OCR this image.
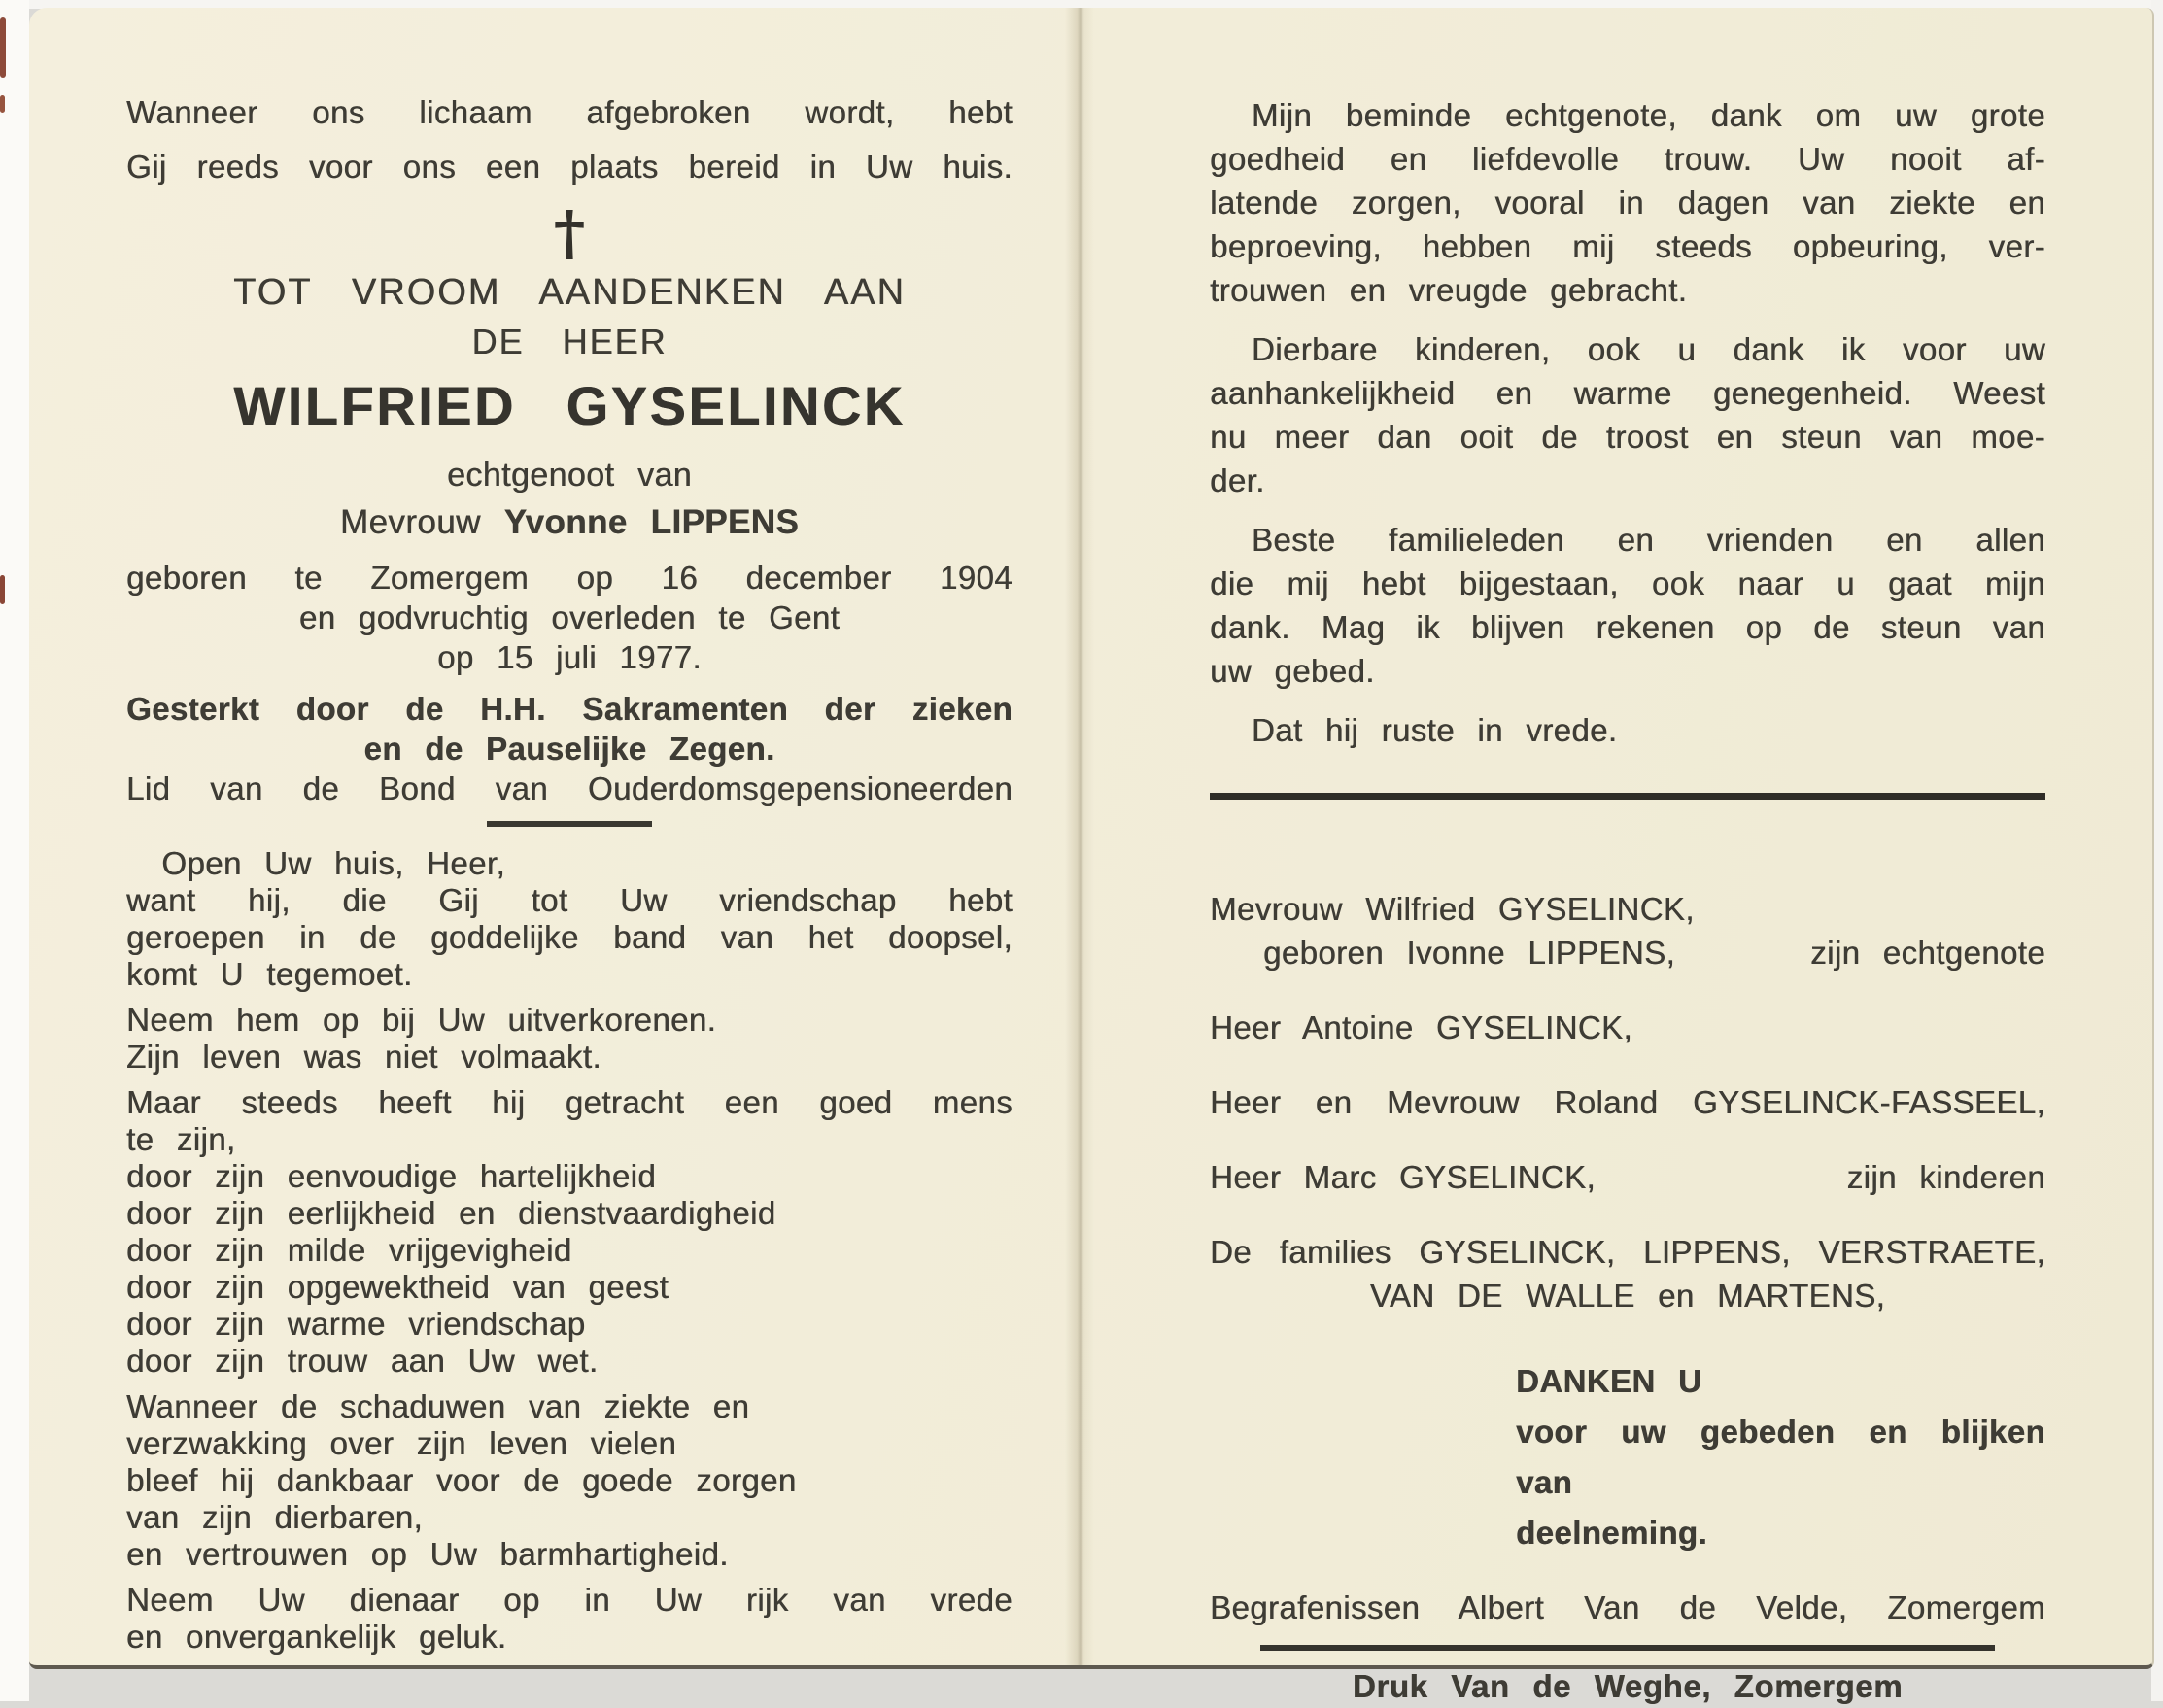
Wanneer ons lichaam afgebroken wordt, hebt
Gij reeds voor ons een plaats bereid in Uw huis.
†
TOT VROOM AANDENKEN AAN
DE HEER
WILFRIED GYSELINCK
echtgenoot van
Mevrouw Yvonne LIPPENS
geboren te Zomergem op 16 december 1904
en godvruchtig overleden te Gent
op 15 juli 1977.
Gesterkt door de H.H. Sakramenten der zieken
en de Pauselijke Zegen.
Lid van de Bond van Ouderdomsgepensioneerden
Open Uw huis, Heer,
want hij, die Gij tot Uw vriendschap hebt
geroepen in de goddelijke band van het doopsel,
komt U tegemoet.
Neem hem op bij Uw uitverkorenen.
Zijn leven was niet volmaakt.
Maar steeds heeft hij getracht een goed mens
te zijn,
door zijn eenvoudige hartelijkheid
door zijn eerlijkheid en dienstvaardigheid
door zijn milde vrijgevigheid
door zijn opgewektheid van geest
door zijn warme vriendschap
door zijn trouw aan Uw wet.
Wanneer de schaduwen van ziekte en
verzwakking over zijn leven vielen
bleef hij dankbaar voor de goede zorgen
van zijn dierbaren,
en vertrouwen op Uw barmhartigheid.
Neem Uw dienaar op in Uw rijk van vrede
en onvergankelijk geluk.
Mijn beminde echtgenote, dank om uw grote
goedheid en liefdevolle trouw. Uw nooit af-
latende zorgen, vooral in dagen van ziekte en
beproeving, hebben mij steeds opbeuring, ver-
trouwen en vreugde gebracht.
Dierbare kinderen, ook u dank ik voor uw
aanhankelijkheid en warme genegenheid. Weest
nu meer dan ooit de troost en steun van moe-
der.
Beste familieleden en vrienden en allen
die mij hebt bijgestaan, ook naar u gaat mijn
dank. Mag ik blijven rekenen op de steun van
uw gebed.
Dat hij ruste in vrede.
Mevrouw Wilfried GYSELINCK,
geboren Ivonne LIPPENS,	zijn echtgenote
Heer Antoine GYSELINCK,
Heer en Mevrouw Roland GYSELINCK-FASSEEL,
Heer Marc GYSELINCK,	zijn kinderen
De families GYSELINCK, LIPPENS, VERSTRAETE,
VAN DE WALLE en MARTENS,
DANKEN U
voor uw gebeden en blijken van
deelneming.
Begrafenissen Albert Van de Velde, Zomergem
Druk Van de Weghe, Zomergem
